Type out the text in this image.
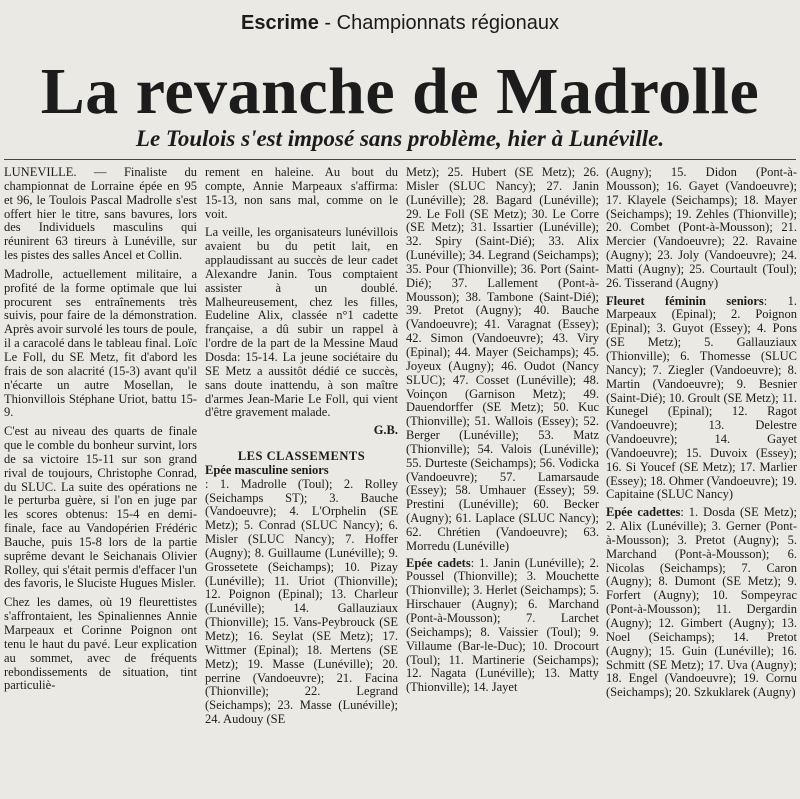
Escrime - Championnats régionaux
La revanche de Madrolle
Le Toulois s'est imposé sans problème, hier à Lunéville.

LUNEVILLE. — Finaliste du championnat de Lorraine épée en 95 et 96, le Toulois Pascal Madrolle s'est offert hier le titre, sans bavures, lors des Individuels masculins qui réunirent 63 tireurs à Lunéville, sur les pistes des salles Ancel et Collin.

Madrolle, actuellement militaire, a profité de la forme optimale que lui procurent ses entraînements très suivis, pour faire de la démonstration. Après avoir survolé les tours de poule, il a caracolé dans le tableau final. Loïc Le Foll, du SE Metz, fit d'abord les frais de son alacrité (15-3) avant qu'il n'écarte un autre Mosellan, le Thionvillois Stéphane Uriot, battu 15-9.

C'est au niveau des quarts de finale que le comble du bonheur survint, lors de sa victoire 15-11 sur son grand rival de toujours, Christophe Conrad, du SLUC. La suite des opérations ne le perturba guère, si l'on en juge par les scores obtenus: 15-4 en demi-finale, face au Vandopérien Frédéric Bauche, puis 15-8 lors de la partie suprême devant le Seichanais Olivier Rolley, qui s'était permis d'effacer l'un des favoris, le Sluciste Hugues Misler.

Chez les dames, où 19 fleurettistes s'affrontaient, les Spinaliennes Annie Marpeaux et Corinne Poignon ont tenu le haut du pavé. Leur explication au sommet, avec de fréquents rebondissements de situation, tint particuliè-

rement en haleine. Au bout du compte, Annie Marpeaux s'affirma: 15-13, non sans mal, comme on le voit.

La veille, les organisateurs lunévillois avaient bu du petit lait, en applaudissant au succès de leur cadet Alexandre Janin. Tous comptaient assister à un doublé. Malheureusement, chez les filles, Eudeline Alix, classée n°1 cadette française, a dû subir un rappel à l'ordre de la part de la Messine Maud Dosda: 15-14. La jeune sociétaire du SE Metz a aussitôt dédié ce succès, sans doute inattendu, à son maître d'armes Jean-Marie Le Foll, qui vient d'être gravement malade.

G.B.
LES CLASSEMENTS
Epée masculine seniors

: 1. Madrolle (Toul); 2. Rolley (Seichamps ST); 3. Bauche (Vandoeuvre); 4. L'Orphelin (SE Metz); 5. Conrad (SLUC Nancy); 6. Misler (SLUC Nancy); 7. Hoffer (Augny); 8. Guillaume (Lunéville); 9. Grossetete (Seichamps); 10. Pizay (Lunéville); 11. Uriot (Thionville); 12. Poignon (Epinal); 13. Charleur (Lunéville); 14. Gallauziaux (Thionville); 15. Vans-Peybrouck (SE Metz); 16. Seylat (SE Metz); 17. Wittmer (Epinal); 18. Mertens (SE Metz); 19. Masse (Lunéville); 20. perrine (Vandoeuvre); 21. Facina (Thionville); 22. Legrand (Seichamps); 23. Masse (Lunéville); 24. Audouy (SE

Metz); 25. Hubert (SE Metz); 26. Misler (SLUC Nancy); 27. Janin (Lunéville); 28. Bagard (Lunéville); 29. Le Foll (SE Metz); 30. Le Corre (SE Metz); 31. Issartier (Lunéville); 32. Spiry (Saint-Dié); 33. Alix (Lunéville); 34. Legrand (Seichamps); 35. Pour (Thionville); 36. Port (Saint-Dié); 37. Lallement (Pont-à-Mousson); 38. Tambone (Saint-Dié); 39. Pretot (Augny); 40. Bauche (Vandoeuvre); 41. Varagnat (Essey); 42. Simon (Vandoeuvre); 43. Viry (Epinal); 44. Mayer (Seichamps); 45. Joyeux (Augny); 46. Oudot (Nancy SLUC); 47. Cosset (Lunéville); 48. Voinçon (Garnison Metz); 49. Dauendorffer (SE Metz); 50. Kuc (Thionville); 51. Wallois (Essey); 52. Berger (Lunéville); 53. Matz (Thionville); 54. Valois (Lunéville); 55. Durteste (Seichamps); 56. Vodicka (Vandoeuvre); 57. Lamarsaude (Essey); 58. Umhauer (Essey); 59. Prestini (Lunéville); 60. Becker (Augny); 61. Laplace (SLUC Nancy); 62. Chrétien (Vandoeuvre); 63. Morredu (Lunéville)

Epée cadets: 1. Janin (Lunéville); 2. Poussel (Thionville); 3. Mouchette (Thionville); 3. Herlet (Seichamps); 5. Hirschauer (Augny); 6. Marchand (Pont-à-Mousson); 7. Larchet (Seichamps); 8. Vaissier (Toul); 9. Villaume (Bar-le-Duc); 10. Drocourt (Toul); 11. Martinerie (Seichamps); 12. Nagata (Lunéville); 13. Matty (Thionville); 14. Jayet

(Augny); 15. Didon (Pont-à-Mousson); 16. Gayet (Vandoeuvre); 17. Klayele (Seichamps); 18. Mayer (Seichamps); 19. Zehles (Thionville); 20. Combet (Pont-à-Mousson); 21. Mercier (Vandoeuvre); 22. Ravaine (Augny); 23. Joly (Vandoeuvre); 24. Matti (Augny); 25. Courtault (Toul); 26. Tisserand (Augny)

Fleuret féminin seniors: 1. Marpeaux (Epinal); 2. Poignon (Epinal); 3. Guyot (Essey); 4. Pons (SE Metz); 5. Gallauziaux (Thionville); 6. Thomesse (SLUC Nancy); 7. Ziegler (Vandoeuvre); 8. Martin (Vandoeuvre); 9. Besnier (Saint-Dié); 10. Groult (SE Metz); 11. Kunegel (Epinal); 12. Ragot (Vandoeuvre); 13. Delestre (Vandoeuvre); 14. Gayet (Vandoeuvre); 15. Duvoix (Essey); 16. Si Youcef (SE Metz); 17. Marlier (Essey); 18. Ohmer (Vandoeuvre); 19. Capitaine (SLUC Nancy)
Epée cadettes: 1. Dosda (SE Metz); 2. Alix (Lunéville); 3. Gerner (Pont-à-Mousson); 3. Pretot (Augny); 5. Marchand (Pont-à-Mousson); 6. Nicolas (Seichamps); 7. Caron (Augny); 8. Dumont (SE Metz); 9. Forfert (Augny); 10. Sompeyrac (Pont-à-Mousson); 11. Dergardin (Augny); 12. Gimbert (Augny); 13. Noel (Seichamps); 14. Pretot (Augny); 15. Guin (Lunéville); 16. Schmitt (SE Metz); 17. Uva (Augny); 18. Engel (Vandoeuvre); 19. Cornu (Seichamps); 20. Szkuklarek (Augny)
